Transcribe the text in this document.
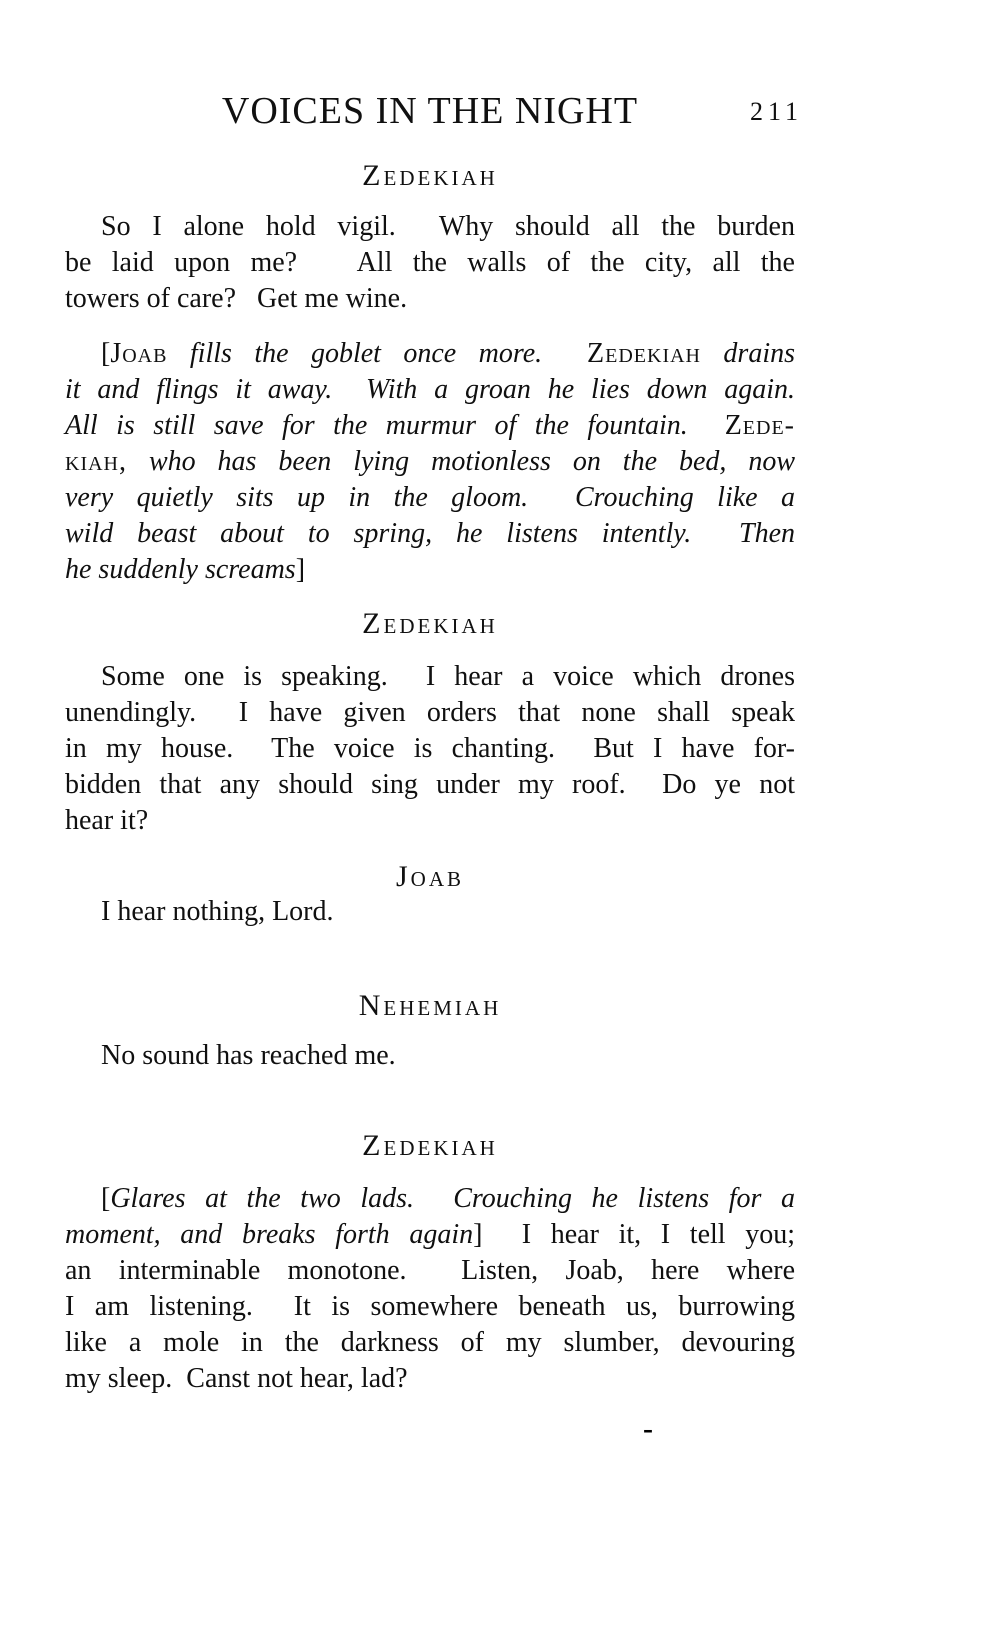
VOICES IN THE NIGHT	211
Zedekiah
So I alone hold vigil.  Why should all the burden
be laid upon me?   All the walls of the city, all the
towers of care?   Get me wine.
[Joab fills the goblet once more.  Zedekiah drains
it and flings it away.  With a groan he lies down again.
All is still save for the murmur of the fountain.  Zede-
kiah, who has been lying motionless on the bed, now
very quietly sits up in the gloom.  Crouching like a
wild beast about to spring, he listens intently.  Then
he suddenly screams]
Zedekiah
Some one is speaking.  I hear a voice which drones
unendingly.  I have given orders that none shall speak
in my house.  The voice is chanting.  But I have for-
bidden that any should sing under my roof.  Do ye not
hear it?
Joab
I hear nothing, Lord.
Nehemiah
No sound has reached me.
Zedekiah
[Glares at the two lads.  Crouching he listens for a
moment, and breaks forth again]  I hear it, I tell you;
an interminable monotone.  Listen, Joab, here where
I am listening.  It is somewhere beneath us, burrowing
like a mole in the darkness of my slumber, devouring
my sleep.  Canst not hear, lad?
-
